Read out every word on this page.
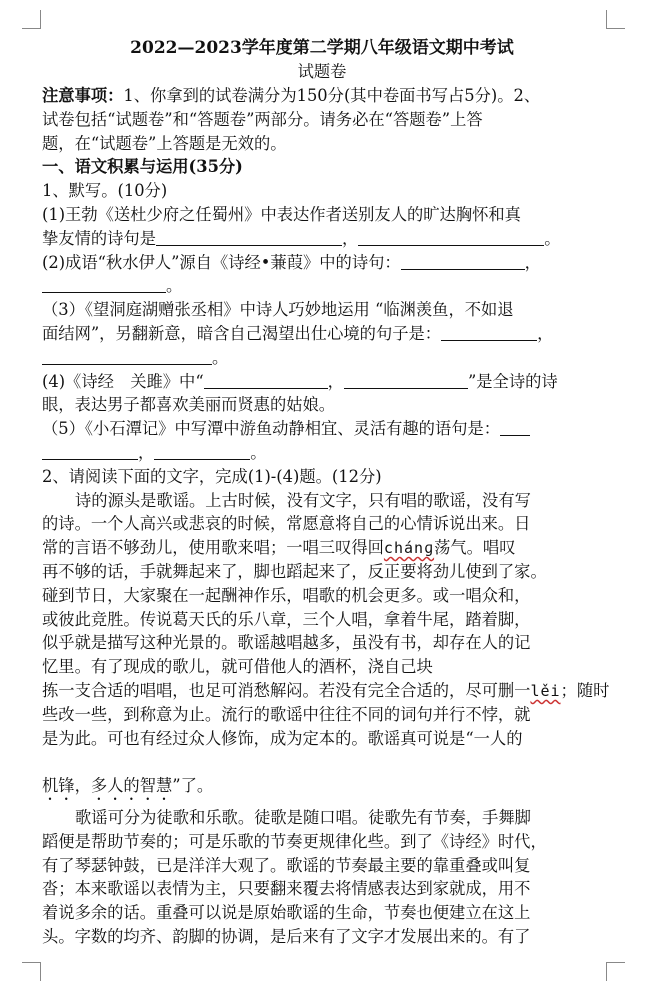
2022—2023学年度第二学期八年级语文期中考试
试题卷
注意事项：1、你拿到的试卷满分为150分(其中卷面书写占5分)。2、
试卷包括“试题卷”和“答题卷”两部分。请务必在“答题卷”上答
题，在“试题卷”上答题是无效的。
一、语文积累与运用(35分)
1、默写。(10分)
(1)王勃《送杜少府之任蜀州》中表达作者送别友人的旷达胸怀和真
挚友情的诗句是	，	。
(2)成语“秋水伊人”源自《诗经•蒹葭》中的诗句：	，
。
（3）《望洞庭湖赠张丞相》中诗人巧妙地运用 “临渊羡鱼，不如退
面结网”，另翻新意，暗含自己渴望出仕心境的句子是：	，
。
(4)《诗经　关雎》中“	，	”是全诗的诗
眼，表达男子都喜欢美丽而贤惠的姑娘。
（5）《小石潭记》中写潭中游鱼动静相宜、灵活有趣的语句是：
，	。
2、请阅读下面的文字，完成(1)-(4)题。(12分)
诗的源头是歌谣。上古时候，没有文字，只有唱的歌谣，没有写
的诗。一个人高兴或悲哀的时候，常愿意将自己的心情诉说出来。日
常的言语不够劲儿，使用歌来唱；一唱三叹得回chánɡ荡气。唱叹
再不够的话，手就舞起来了，脚也蹈起来了，反正要将劲儿使到了家。
碰到节日，大家聚在一起酬神作乐，唱歌的机会更多。或一唱众和，
或彼此竞胜。传说葛天氏的乐八章，三个人唱，拿着牛尾，踏着脚，
似乎就是描写这种光景的。歌谣越唱越多，虽没有书，却存在人的记
忆里。有了现成的歌儿，就可借他人的酒杯，浇自己块
拣一支合适的唱唱，也足可消愁解闷。若没有完全合适的，尽可删一lěi；随时
些改一些，到称意为止。流行的歌谣中往往不同的词句并行不悖，就
是为此。可也有经过众人修饰，成为定本的。歌谣真可说是“一人的
机锋，多人的智慧”了。
歌谣可分为徒歌和乐歌。徒歌是随口唱。徒歌先有节奏，手舞脚
蹈便是帮助节奏的；可是乐歌的节奏更规律化些。到了《诗经》时代，
有了琴瑟钟鼓，已是洋洋大观了。歌谣的节奏最主要的靠重叠或叫复
沓；本来歌谣以表情为主，只要翻来覆去将情感表达到家就成，用不
着说多余的话。重叠可以说是原始歌谣的生命，节奏也便建立在这上
头。字数的均齐、韵脚的协调，是后来有了文字才发展出来的。有了
